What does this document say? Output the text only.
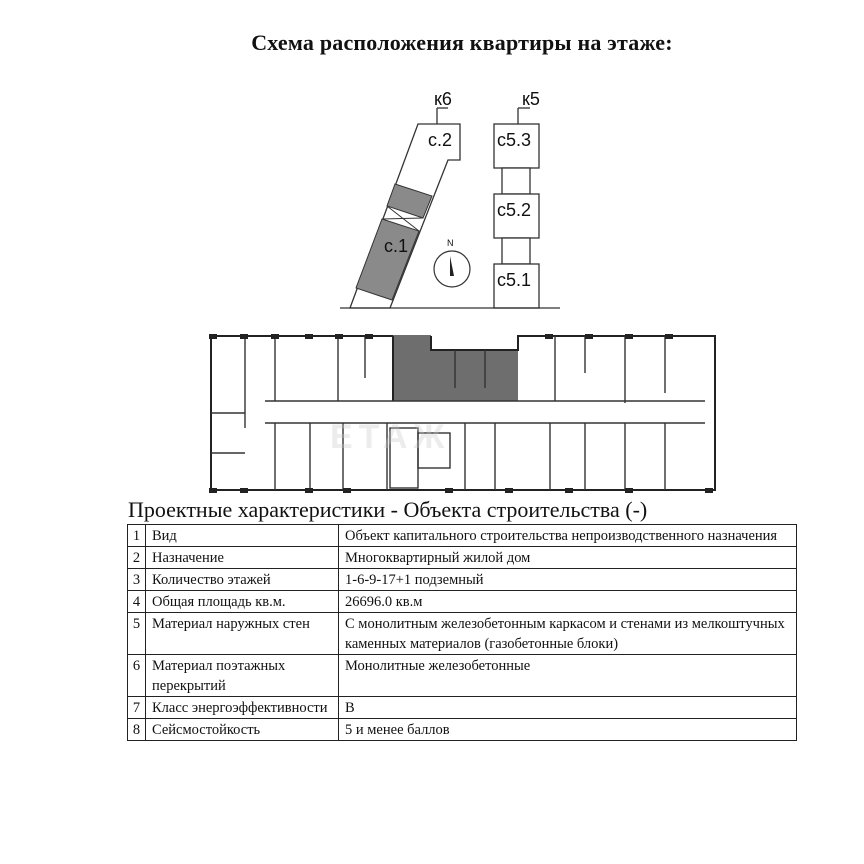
Схема расположения квартиры на этаже:
к6	к5
с.2
с.1
с5.3
с5.2
с5.1
N
ETAЖ
Проектные характеристики - Объекта строительства (-)
1	Вид	Объект капитального строительства непроизводственного назначения
2	Назначение	Многоквартирный жилой дом
3	Количество этажей	1-6-9-17+1 подземный
4	Общая площадь кв.м.	26696.0 кв.м
5	Материал наружных стен	С монолитным железобетонным каркасом и стенами из мелкоштучных каменных материалов (газобетонные блоки)
6	Материал поэтажных перекрытий	Монолитные железобетонные
7	Класс энергоэффективности	B
8	Сейсмостойкость	5 и менее баллов
